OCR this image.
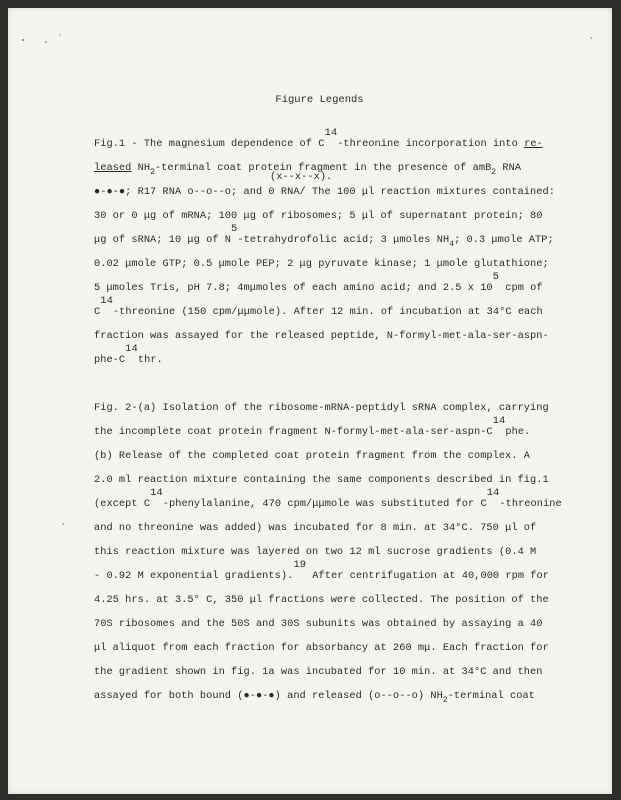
Figure Legends
Fig.1 - The magnesium dependence of C14-threonine incorporation into re-
leased $NH_2$-terminal coat protein fragment in the presence of amB$_2$ RNA
(x--x--x).
●-●-●; R17 RNA o--o--o; and 0 RNA/ The 100 μl reaction mixtures contained:
30 or 0 μg of mRNA; 100 μg of ribosomes; 5 μl of supernatant protein; 80
μg of sRNA; 10 μg of N5-tetrahydrofolic acid; 3 μmoles $NH_4$; 0.3 μmole ATP;
0.02 μmole GTP; 0.5 μmole PEP; 2 μg pyruvate kinase; 1 μmole glutathione;
5 μmoles Tris, pH 7.8; 4mμmoles of each amino acid; and 2.5 x 105 cpm of
C14-threonine (150 cpm/μμmole). After 12 min. of incubation at 34°C each
fraction was assayed for the released peptide, N-formyl-met-ala-ser-aspn-
phe-C14thr.
Fig. 2-(a) Isolation of the ribosome-mRNA-peptidyl sRNA complex, carrying
the incomplete coat protein fragment N-formyl-met-ala-ser-aspn-C14phe.
(b) Release of the completed coat protein fragment from the complex. A
2.0 ml reaction mixture containing the same components described in fig.1
(except C14-phenylalanine, 470 cpm/μμmole was substituted for C14-threonine
and no threonine was added) was incubated for 8 min. at 34°C. 750 μl of
this reaction mixture was layered on two 12 ml sucrose gradients (0.4 M
- 0.92 M exponential gradients).19 After centrifugation at 40,000 rpm for
4.25 hrs. at 3.5° C, 350 μl fractions were collected. The position of the
70S ribosomes and the 50S and 30S subunits was obtained by assaying a 40
μl aliquot from each fraction for absorbancy at 260 mμ. Each fraction for
the gradient shown in fig. 1a was incubated for 10 min. at 34°C and then
assayed for both bound (●-●-●) and released (o--o--o) $NH_2$-terminal coat
